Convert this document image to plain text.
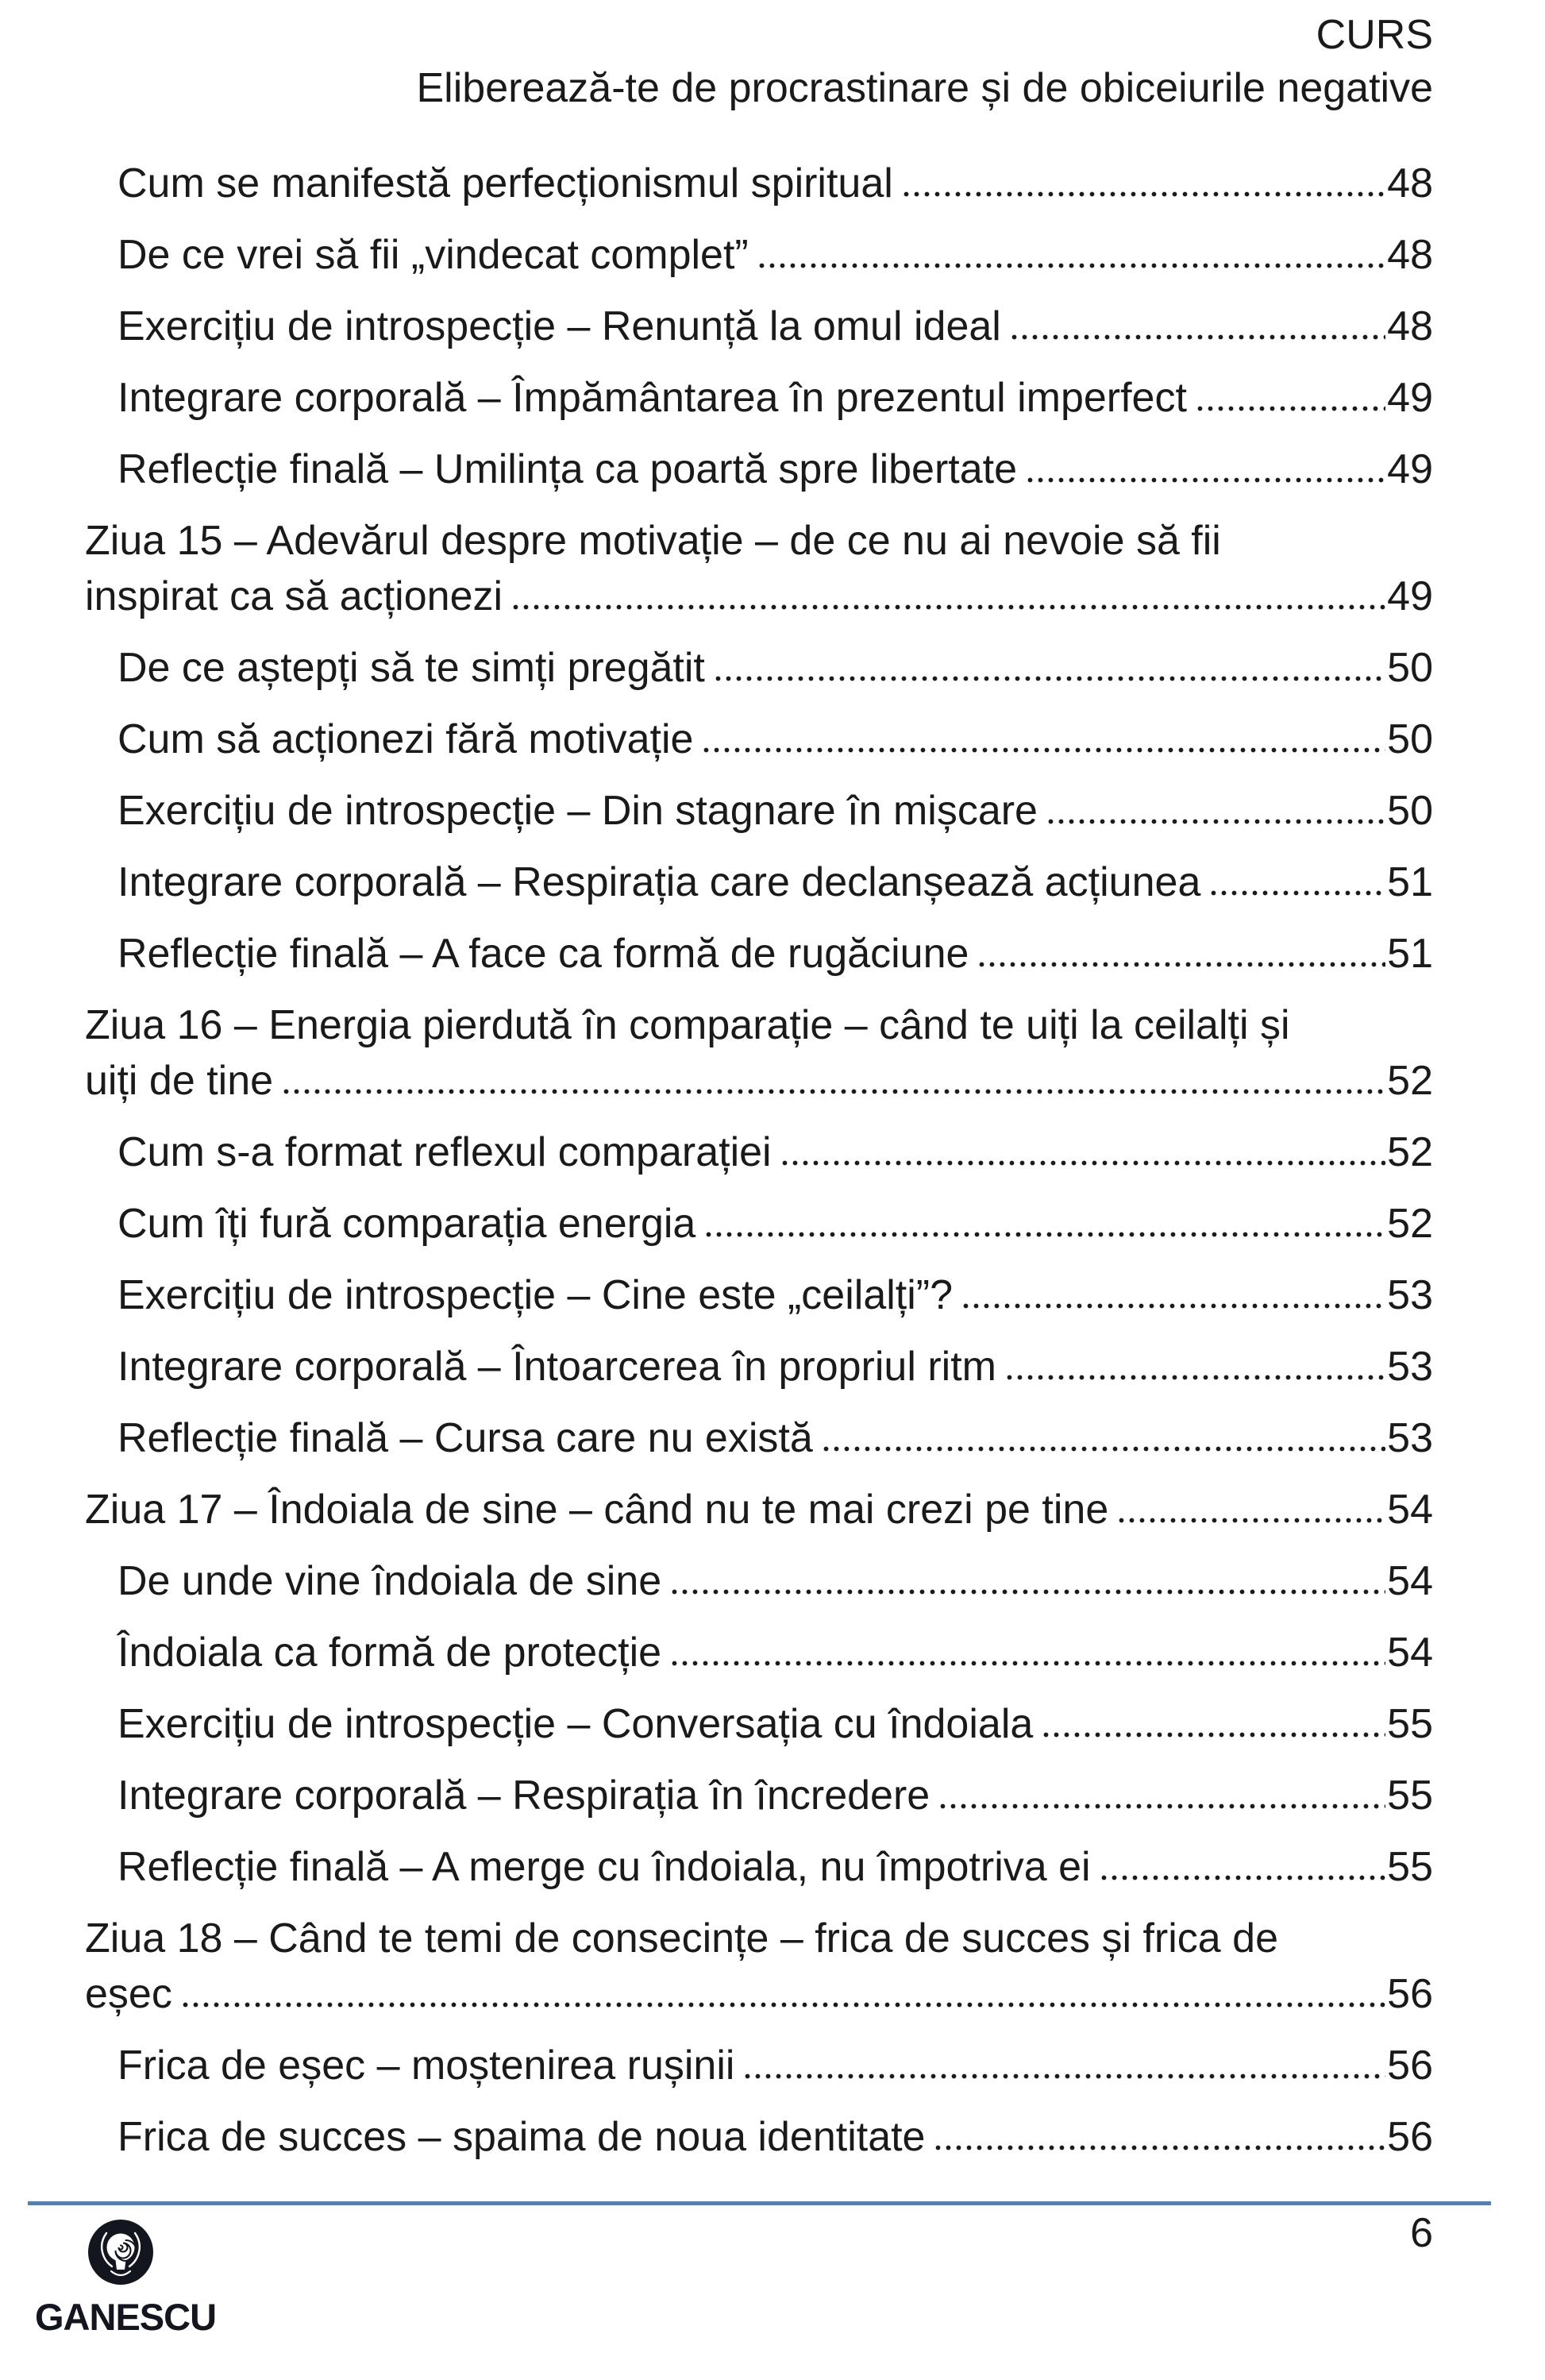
CURS
Eliberează-te de procrastinare și de obiceiurile negative
Cum se manifestă perfecționismul spiritual	48
De ce vrei să fii „vindecat complet”	48
Exercițiu de introspecție – Renunță la omul ideal	48
Integrare corporală – Împământarea în prezentul imperfect	49
Reflecție finală – Umilința ca poartă spre libertate	49
Ziua 15 – Adevărul despre motivație – de ce nu ai nevoie să fii
inspirat ca să acționezi	49
De ce aștepți să te simți pregătit	50
Cum să acționezi fără motivație	50
Exercițiu de introspecție – Din stagnare în mișcare	50
Integrare corporală – Respirația care declanșează acțiunea	51
Reflecție finală – A face ca formă de rugăciune	51
Ziua 16 – Energia pierdută în comparație – când te uiți la ceilalți și
uiți de tine	52
Cum s-a format reflexul comparației	52
Cum îți fură comparația energia	52
Exercițiu de introspecție – Cine este „ceilalți”?	53
Integrare corporală – Întoarcerea în propriul ritm	53
Reflecție finală – Cursa care nu există	53
Ziua 17 – Îndoiala de sine – când nu te mai crezi pe tine	54
De unde vine îndoiala de sine	54
Îndoiala ca formă de protecție	54
Exercițiu de introspecție – Conversația cu îndoiala	55
Integrare corporală – Respirația în încredere	55
Reflecție finală – A merge cu îndoiala, nu împotriva ei	55
Ziua 18 – Când te temi de consecințe – frica de succes și frica de
eșec	56
Frica de eșec – moștenirea rușinii	56
Frica de succes – spaima de noua identitate	56
6
GANESCU
